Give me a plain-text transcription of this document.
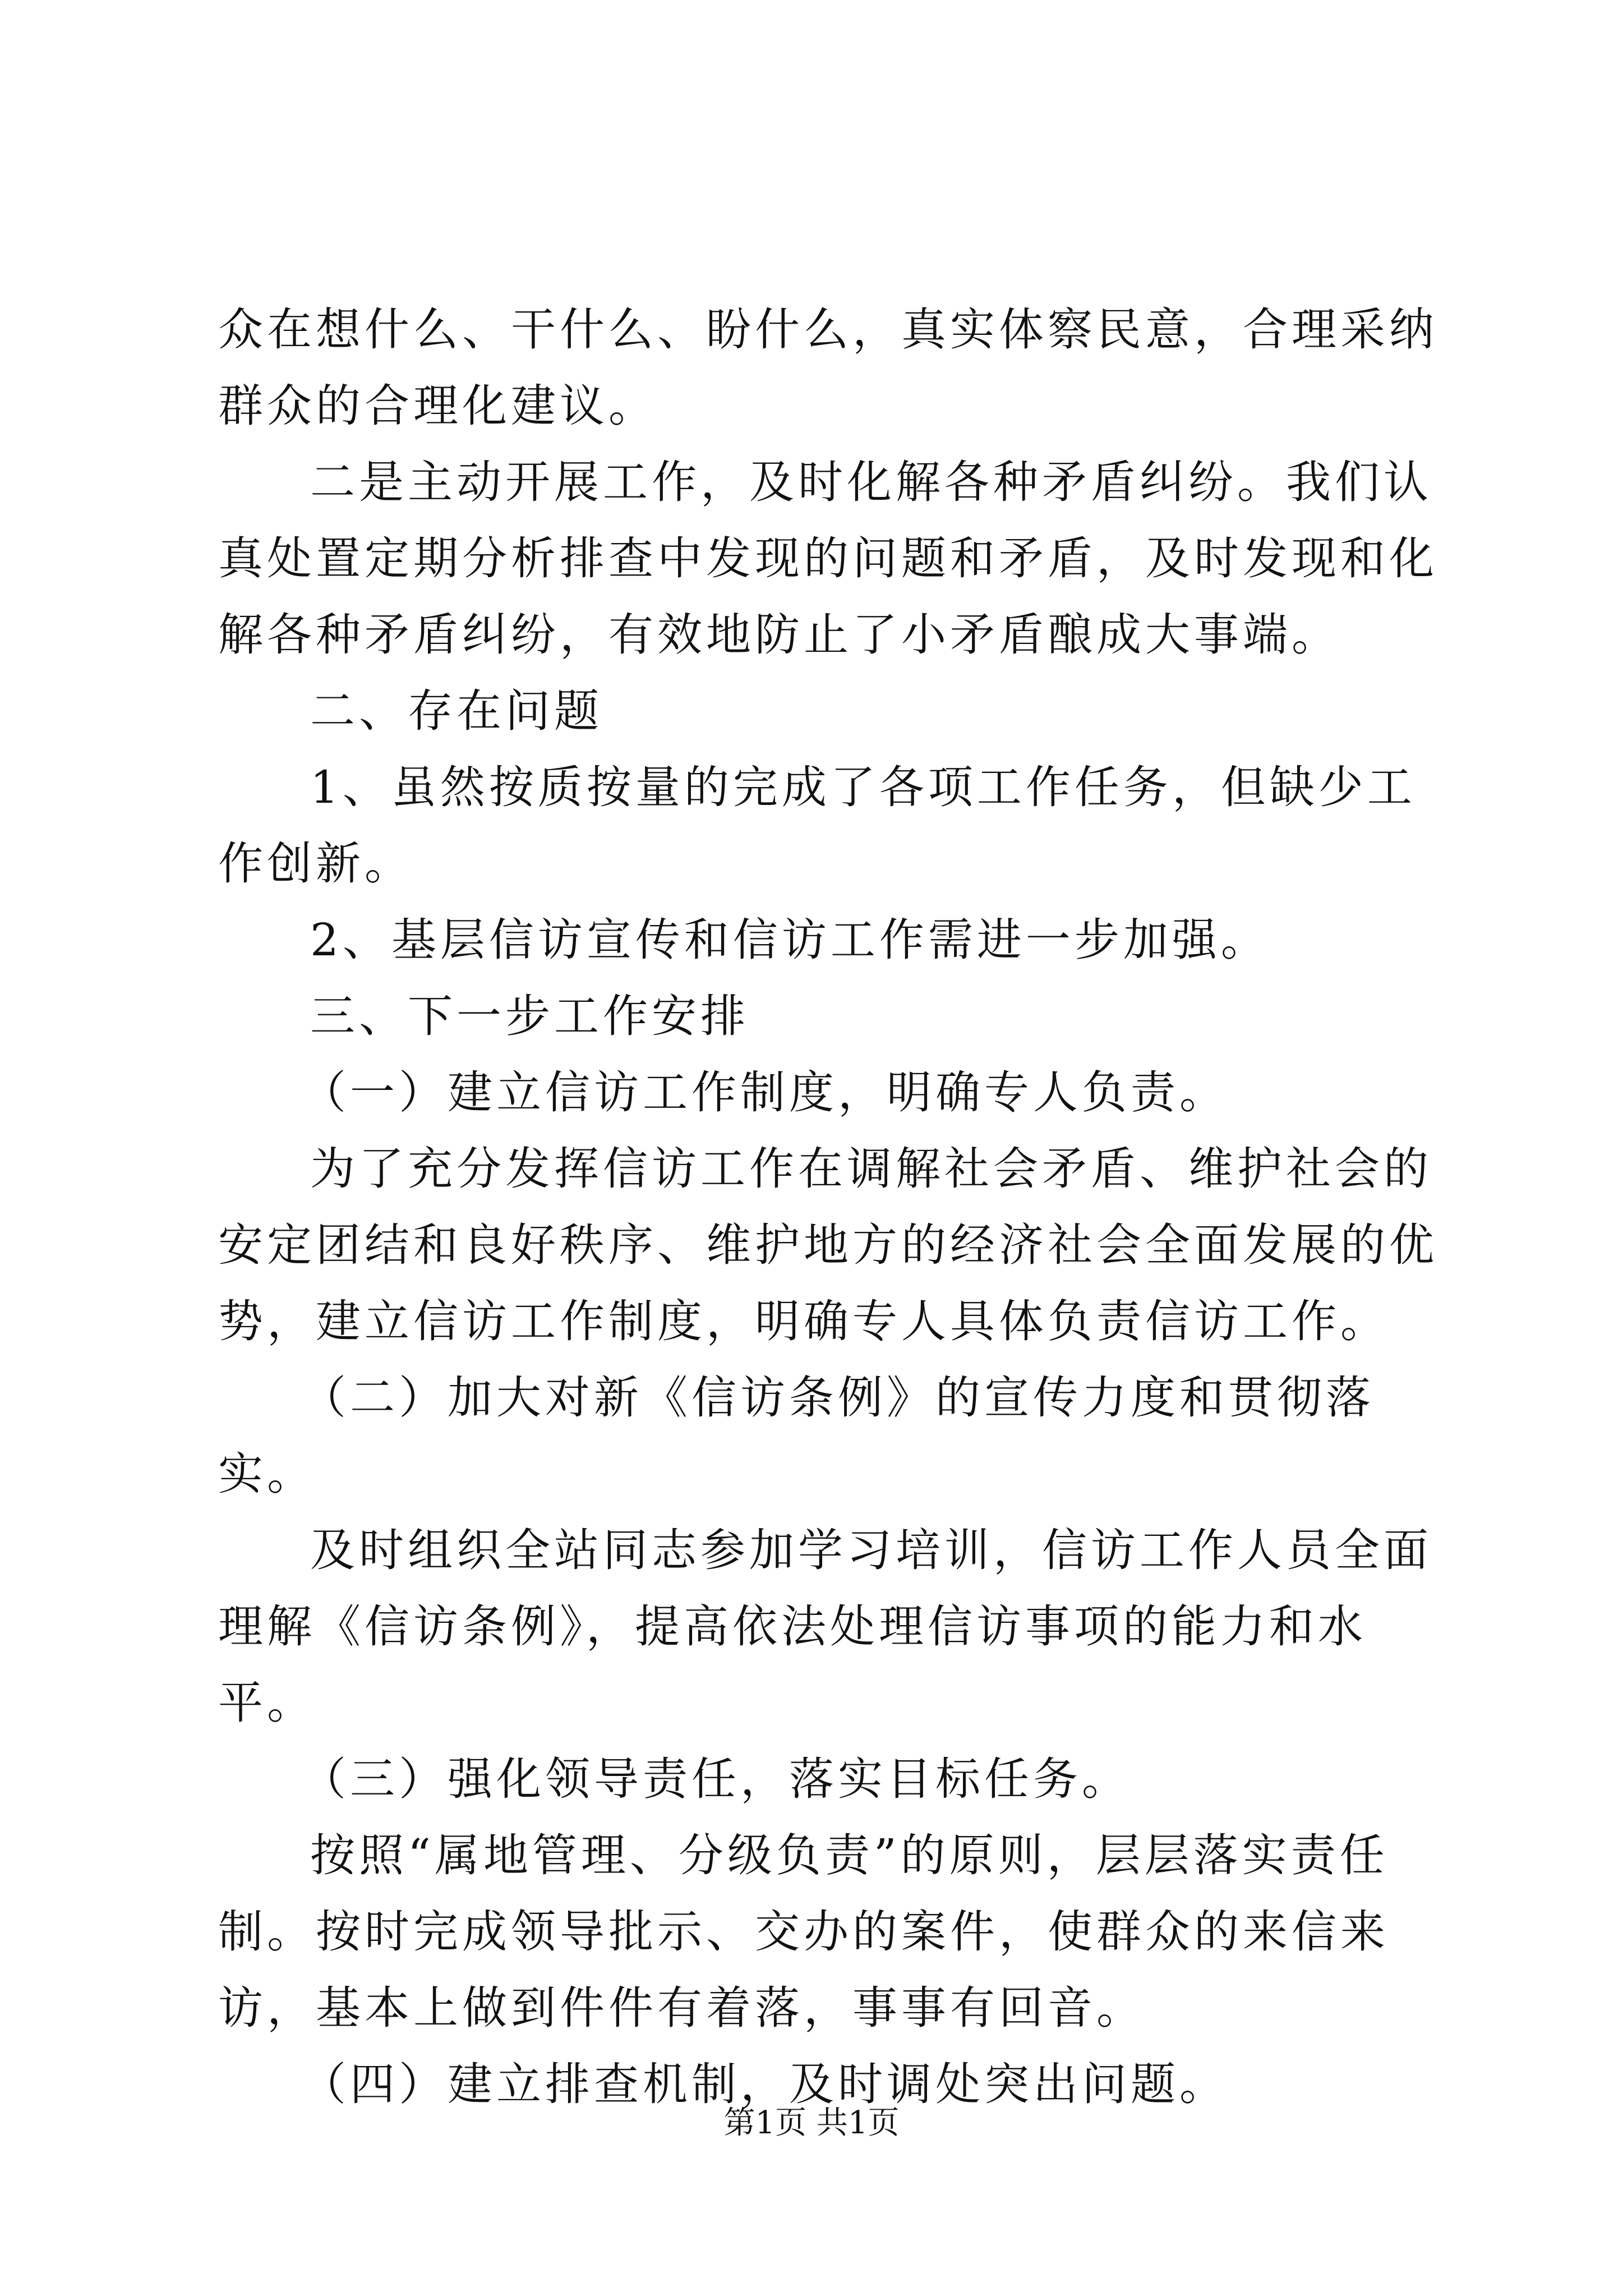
众在想什么、干什么、盼什么，真实体察民意，合理采纳群众的合理化建议。

二是主动开展工作，及时化解各种矛盾纠纷。我们认真处置定期分析排查中发现的问题和矛盾，及时发现和化解各种矛盾纠纷，有效地防止了小矛盾酿成大事端。

二、存在问题

1、虽然按质按量的完成了各项工作任务，但缺少工作创新。

2、基层信访宣传和信访工作需进一步加强。

三、下一步工作安排

（一）建立信访工作制度，明确专人负责。

为了充分发挥信访工作在调解社会矛盾、维护社会的安定团结和良好秩序、维护地方的经济社会全面发展的优势，建立信访工作制度，明确专人具体负责信访工作。

（二）加大对新《信访条例》的宣传力度和贯彻落实。

及时组织全站同志参加学习培训，信访工作人员全面理解《信访条例》，提高依法处理信访事项的能力和水平。

（三）强化领导责任，落实目标任务。

按照“属地管理、分级负责”的原则，层层落实责任制。按时完成领导批示、交办的案件，使群众的来信来访，基本上做到件件有着落，事事有回音。

（四）建立排查机制，及时调处突出问题。

第1页 共1页
